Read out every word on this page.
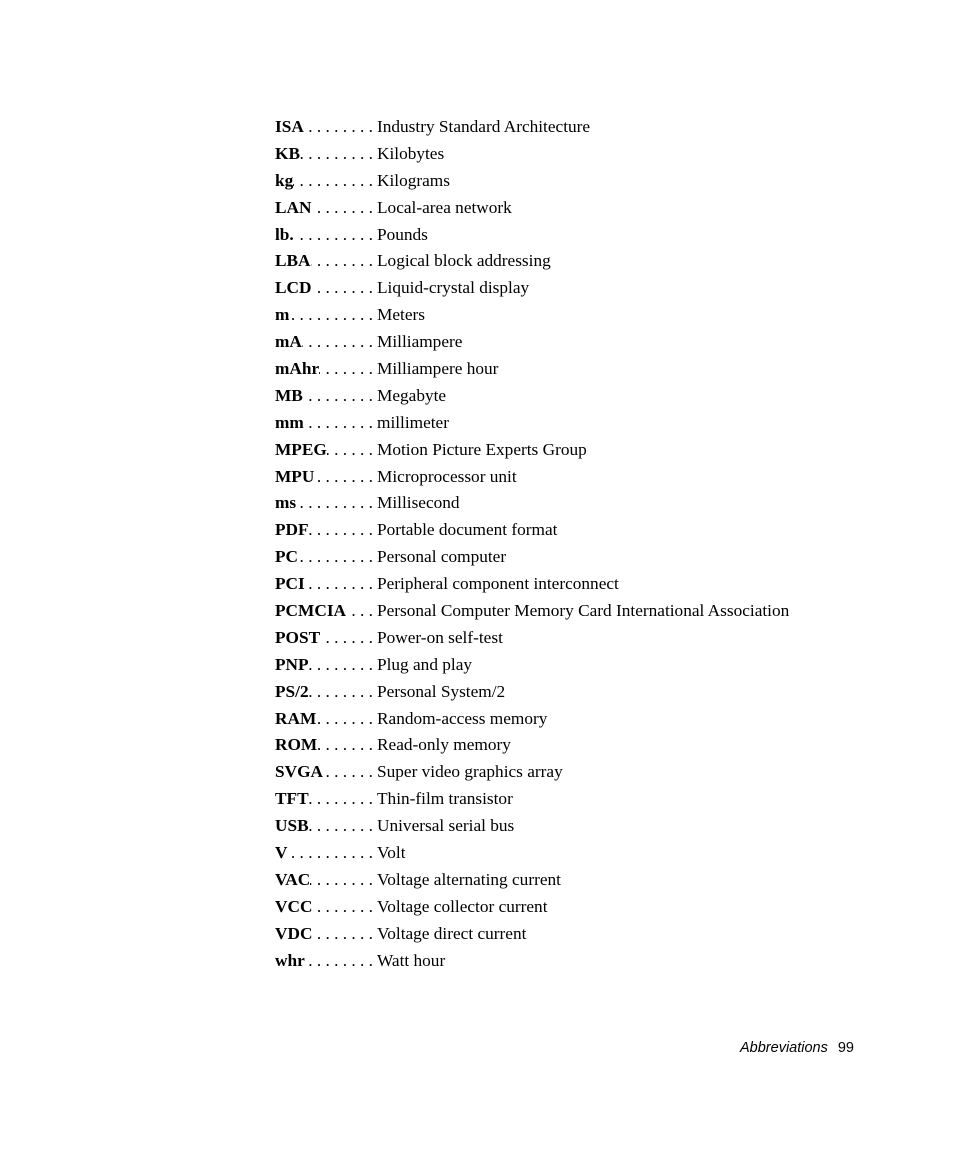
ISA . . .	Industry Standard Architecture
KB . . .	Kilobytes
kg . . .	Kilograms
LAN . . .	Local-area network
lb. . . .	Pounds
LBA . . .	Logical block addressing
LCD . . .	Liquid-crystal display
m . . .	Meters
mA . . .	Milliampere
mAhr . . .	Milliampere hour
MB . . .	Megabyte
mm . . .	millimeter
MPEG . . .	Motion Picture Experts Group
MPU . . .	Microprocessor unit
ms . . .	Millisecond
PDF . . .	Portable document format
PC . . .	Personal computer
PCI . . .	Peripheral component interconnect
PCMCIA . . . Personal Computer Memory Card International Association
POST . . .	Power-on self-test
PNP . . .	Plug and play
PS/2 . . .	Personal System/2
RAM . . .	Random-access memory
ROM . . .	Read-only memory
SVGA . . .	Super video graphics array
TFT . . .	Thin-film transistor
USB . . .	Universal serial bus
V . . .	Volt
VAC . . .	Voltage alternating current
VCC . . .	Voltage collector current
VDC . . .	Voltage direct current
whr . . .	Watt hour
Abbreviations 99
